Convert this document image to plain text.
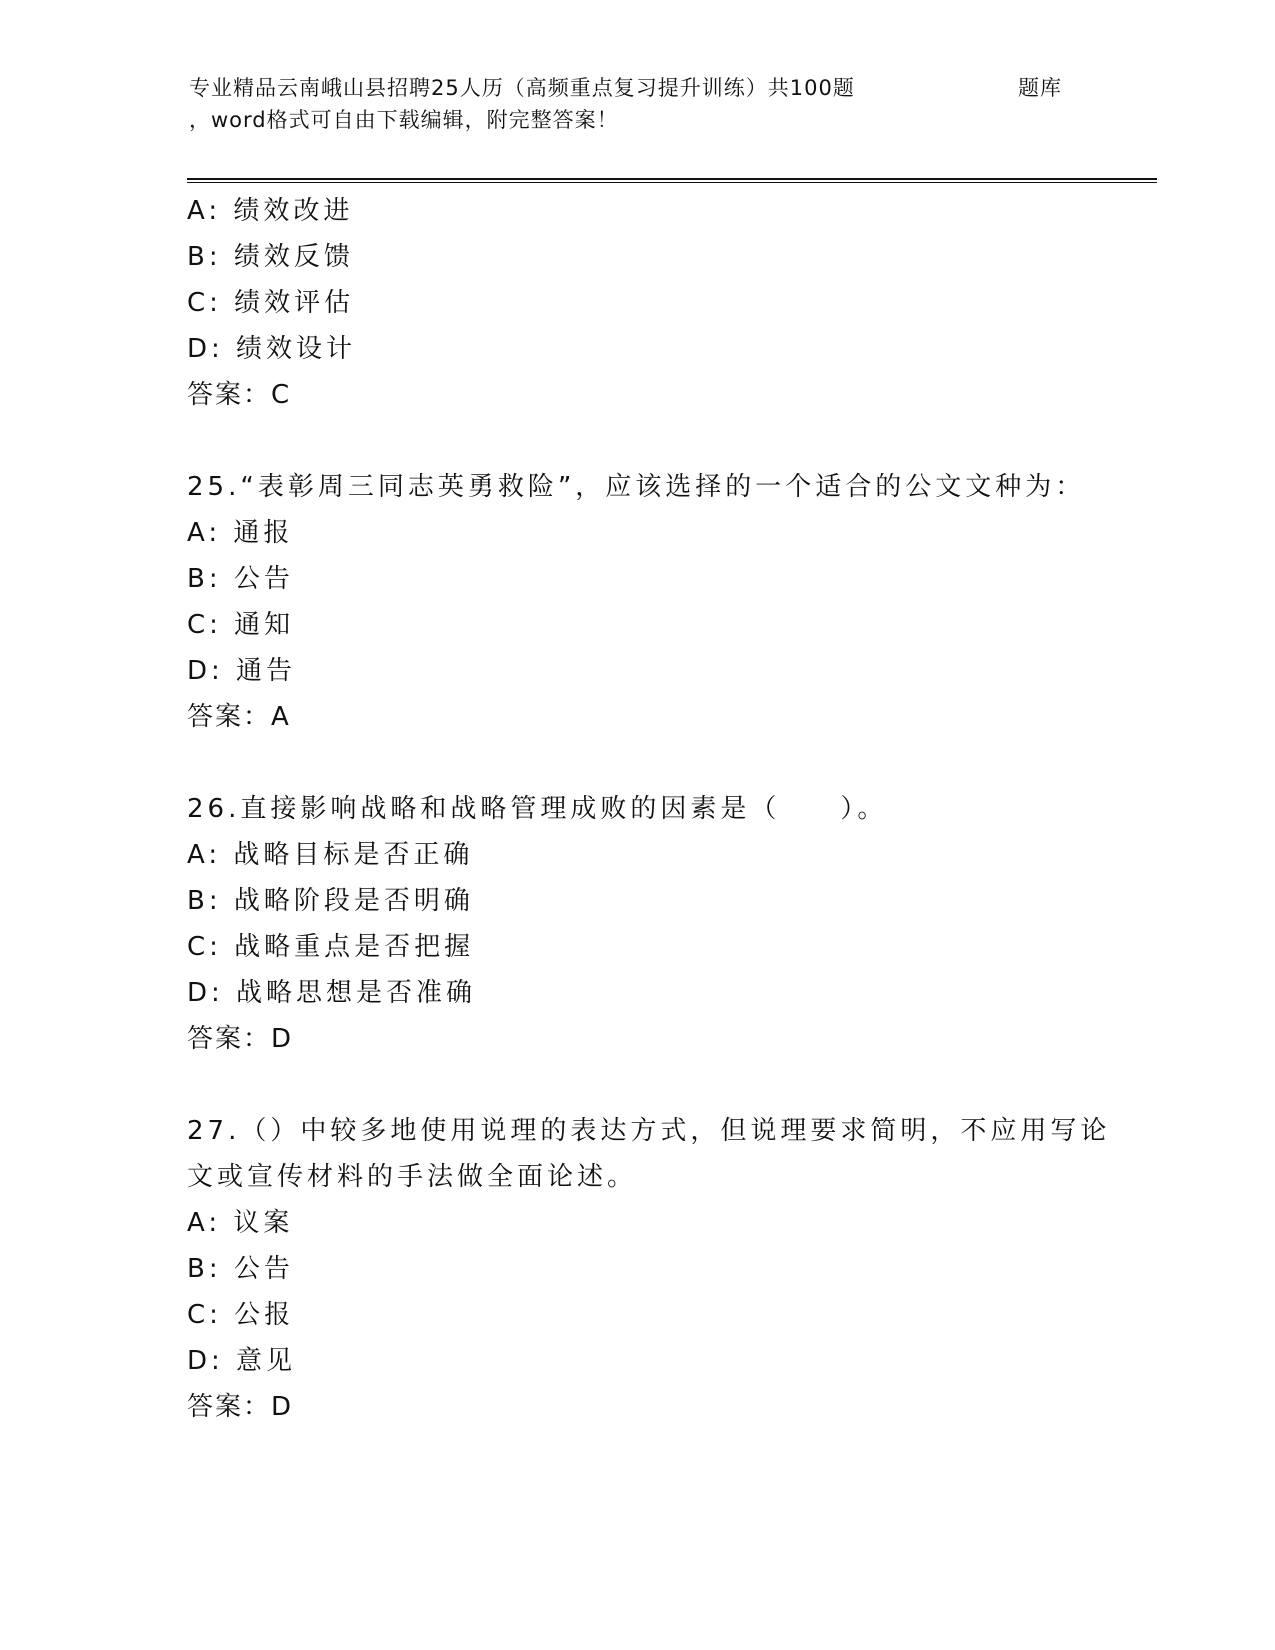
专业精品云南峨山县招聘25人历（高频重点复习提升训练）共100题	题库
，word格式可自由下载编辑，附完整答案！
A: 绩效改进
B: 绩效反馈
C: 绩效评估
D: 绩效设计
答案：C
25.“表彰周三同志英勇救险”，应该选择的一个适合的公文文种为：
A: 通报
B: 公告
C: 通知
D: 通告
答案：A
26.直接影响战略和战略管理成败的因素是（　　）。
A: 战略目标是否正确
B: 战略阶段是否明确
C: 战略重点是否把握
D: 战略思想是否准确
答案：D
27.（）中较多地使用说理的表达方式，但说理要求简明，不应用写论
文或宣传材料的手法做全面论述。
A: 议案
B: 公告
C: 公报
D: 意见
答案：D
